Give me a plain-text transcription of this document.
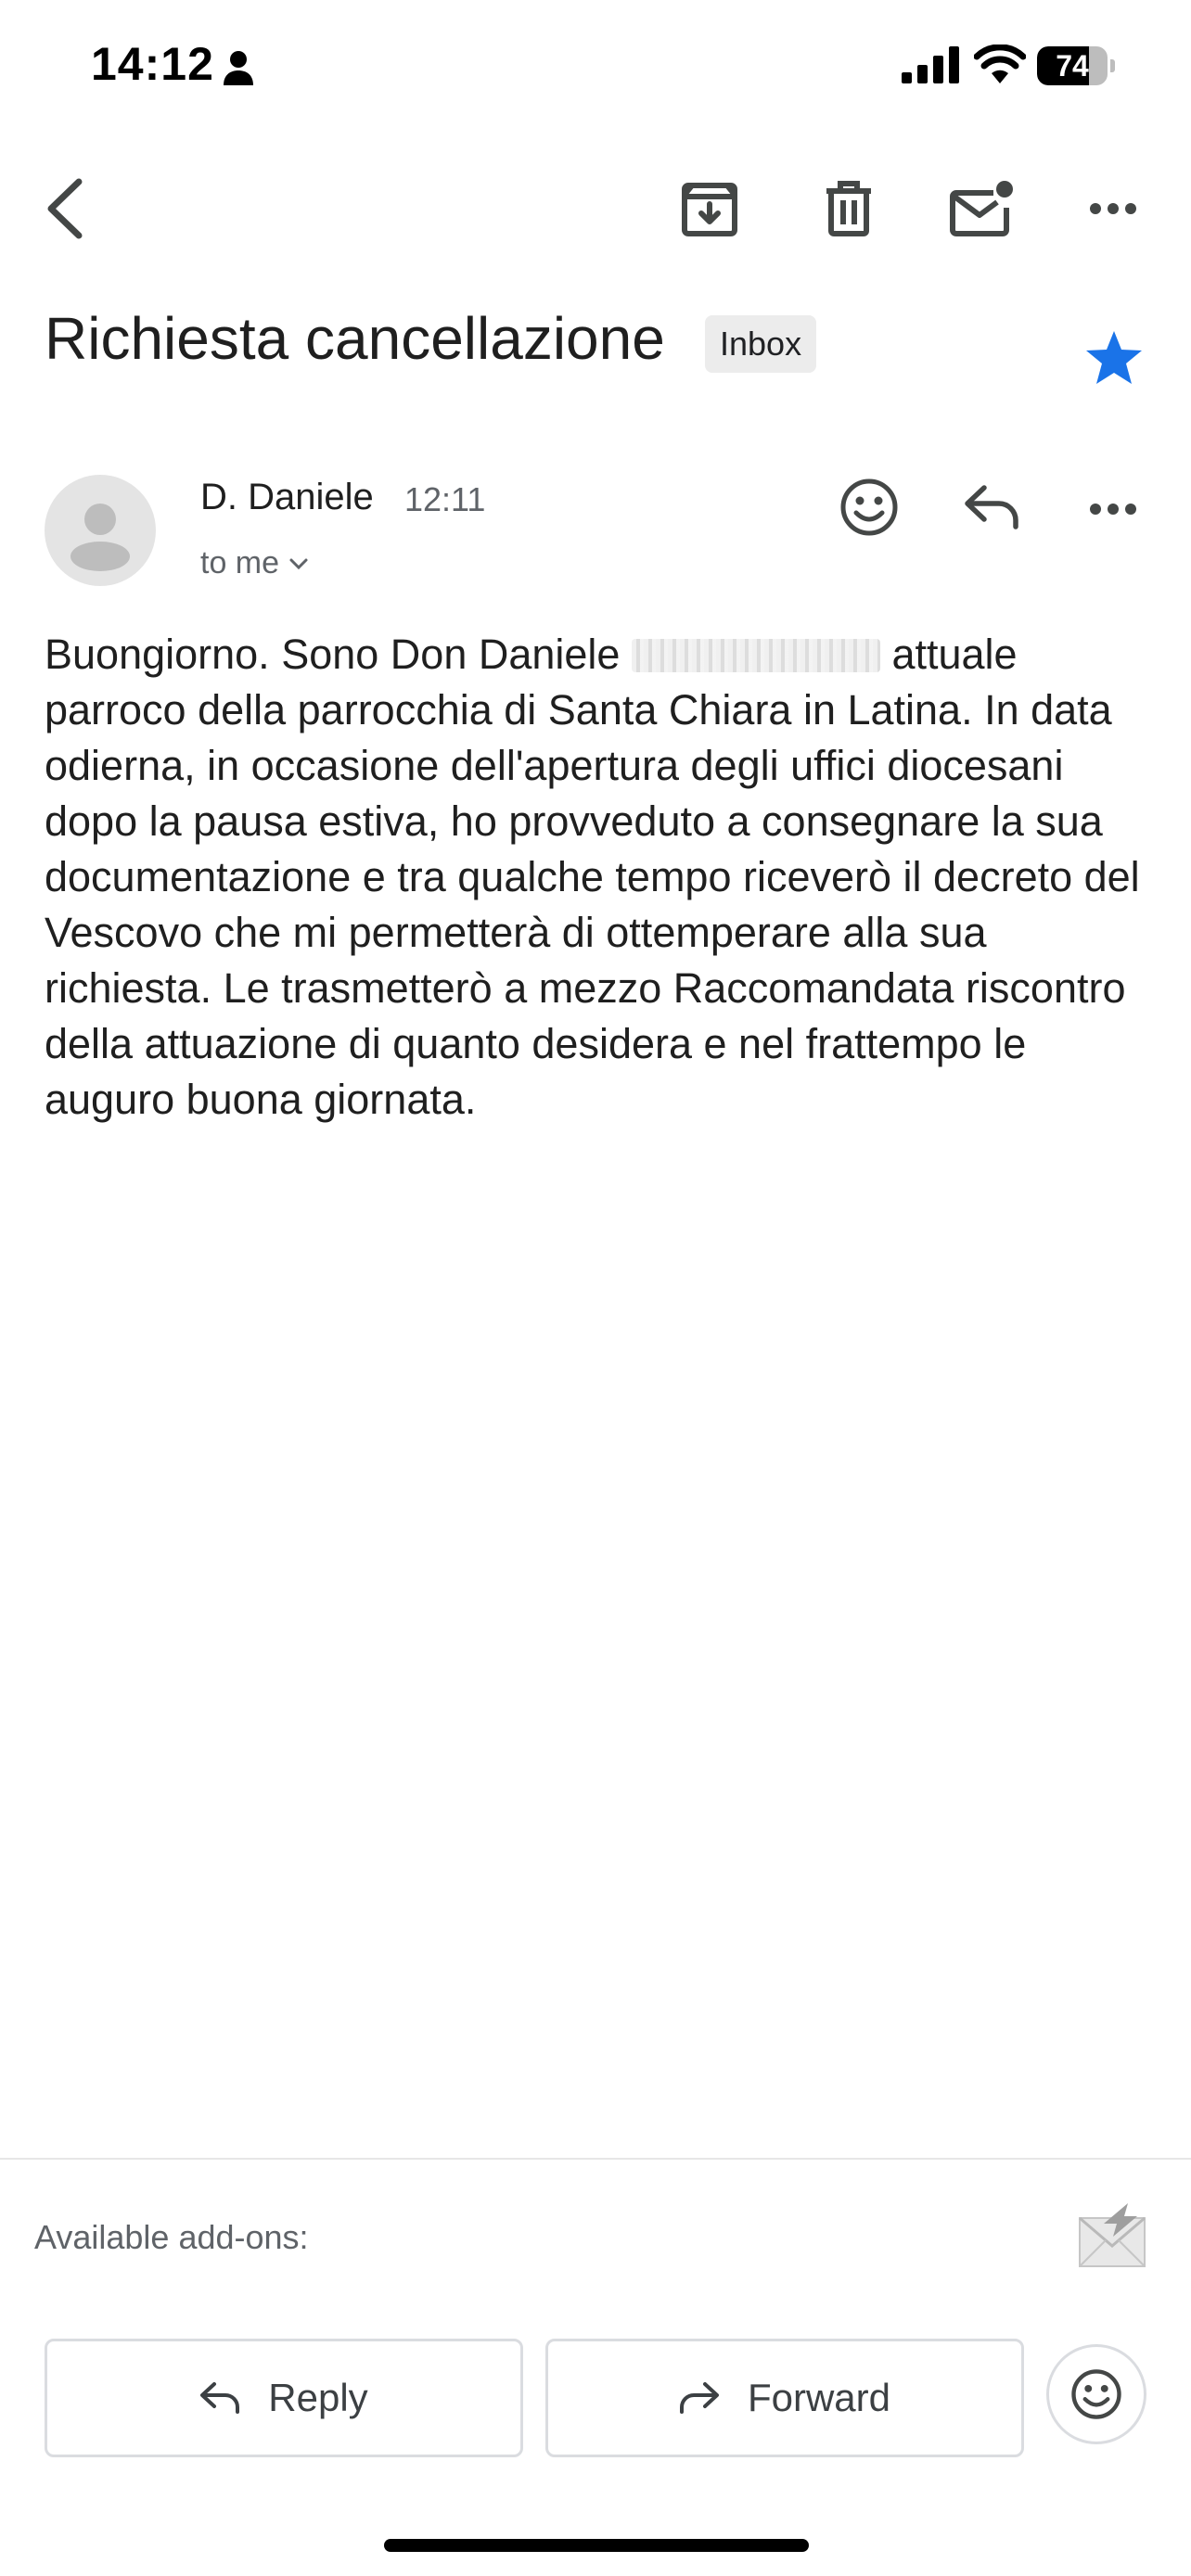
14:12	74
Richiesta cancellazione	Inbox
D. Daniele 12:11
to me
Buongiorno. Sono Don Daniele	attuale parroco della parrocchia di Santa Chiara in Latina. In data odierna, in occasione dell'apertura degli uffici diocesani dopo la pausa estiva, ho provveduto a consegnare la sua documentazione e tra qualche tempo riceverò il decreto del Vescovo che mi permetterà di ottemperare alla sua richiesta. Le trasmetterò a mezzo Raccomandata riscontro della attuazione di quanto desidera e nel frattempo le auguro buona giornata.
Available add-ons:
Reply	Forward
